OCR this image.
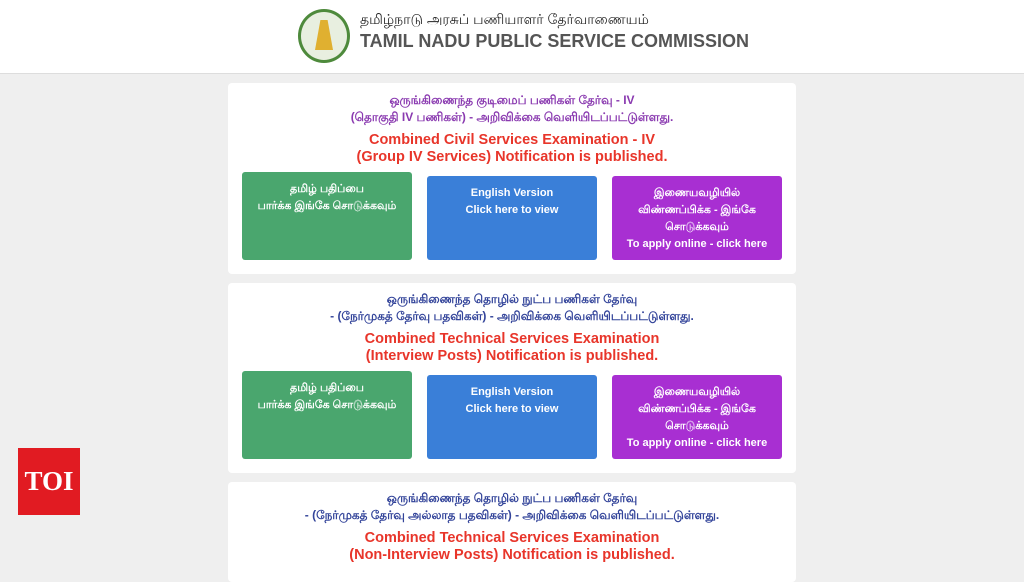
தமிழ்நாடு அரசுப் பணியாளர் தேர்வாணையம்
TAMIL NADU PUBLIC SERVICE COMMISSION
ஒருங்கிணைந்த குடிமைப் பணிகள் தேர்வு - IV
(தொகுதி IV பணிகள்) - அறிவிக்கை வெளியிடப்பட்டுள்ளது.
Combined Civil Services Examination - IV
(Group IV Services) Notification is published.
தமிழ் பதிப்பை
பார்க்க இங்கே சொடுக்கவும்
English Version
Click here to view
இணையவழியில்
விண்ணப்பிக்க - இங்கே
சொடுக்கவும்
To apply online - click here
ஒருங்கிணைந்த தொழில் நுட்ப பணிகள் தேர்வு
- (நேர்முகத் தேர்வு பதவிகள்) - அறிவிக்கை வெளியிடப்பட்டுள்ளது.
Combined Technical Services Examination
(Interview Posts) Notification is published.
தமிழ் பதிப்பை
பார்க்க இங்கே சொடுக்கவும்
English Version
Click here to view
இணையவழியில்
விண்ணப்பிக்க - இங்கே
சொடுக்கவும்
To apply online - click here
ஒருங்கிணைந்த தொழில் நுட்ப பணிகள் தேர்வு
- (நேர்முகத் தேர்வு அல்லாத பதவிகள்) - அறிவிக்கை வெளியிடப்பட்டுள்ளது.
Combined Technical Services Examination
(Non-Interview Posts) Notification is published.
TOI
